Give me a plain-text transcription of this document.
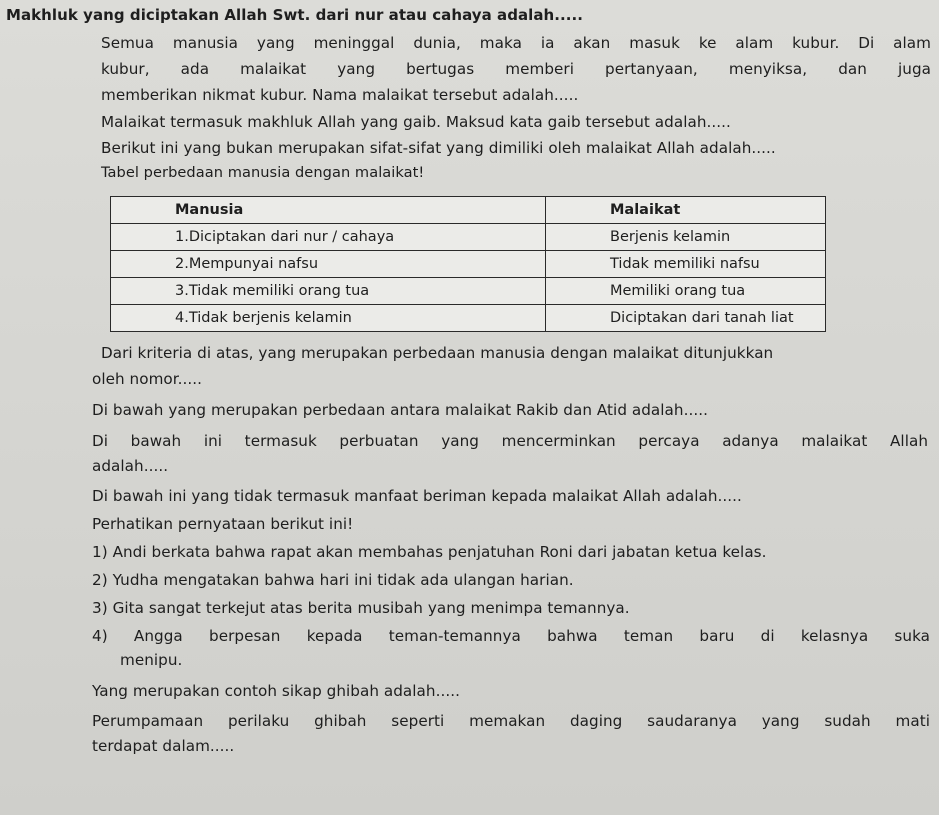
Makhluk yang diciptakan Allah Swt. dari nur atau cahaya adalah.....
Semua manusia yang meninggal dunia, maka ia akan masuk ke alam kubur. Di alam
kubur, ada malaikat yang bertugas memberi pertanyaan, menyiksa, dan juga
memberikan nikmat kubur. Nama malaikat tersebut adalah.....
Malaikat termasuk makhluk Allah yang gaib. Maksud kata gaib tersebut adalah.....
Berikut ini yang bukan merupakan sifat-sifat yang dimiliki oleh malaikat Allah adalah.....
Tabel perbedaan manusia dengan malaikat!
Manusia	Malaikat
1.Diciptakan dari nur / cahaya	Berjenis kelamin
2.Mempunyai nafsu	Tidak memiliki nafsu
3.Tidak memiliki orang tua	Memiliki orang tua
4.Tidak berjenis kelamin	Diciptakan dari tanah liat
Dari kriteria di atas, yang merupakan perbedaan manusia dengan malaikat ditunjukkan
oleh nomor.....
Di bawah yang merupakan perbedaan antara malaikat Rakib dan Atid adalah.....
Di bawah ini termasuk perbuatan yang mencerminkan percaya adanya malaikat Allah
adalah.....
Di bawah ini yang tidak termasuk manfaat beriman kepada malaikat Allah adalah.....
Perhatikan pernyataan berikut ini!
1) Andi berkata bahwa rapat akan membahas penjatuhan Roni dari jabatan ketua kelas.
2) Yudha mengatakan bahwa hari ini tidak ada ulangan harian.
3) Gita sangat terkejut atas berita musibah yang menimpa temannya.
4) Angga berpesan kepada teman-temannya bahwa teman baru di kelasnya suka
menipu.
Yang merupakan contoh sikap ghibah adalah.....
Perumpamaan perilaku ghibah seperti memakan daging saudaranya yang sudah mati
terdapat dalam.....
